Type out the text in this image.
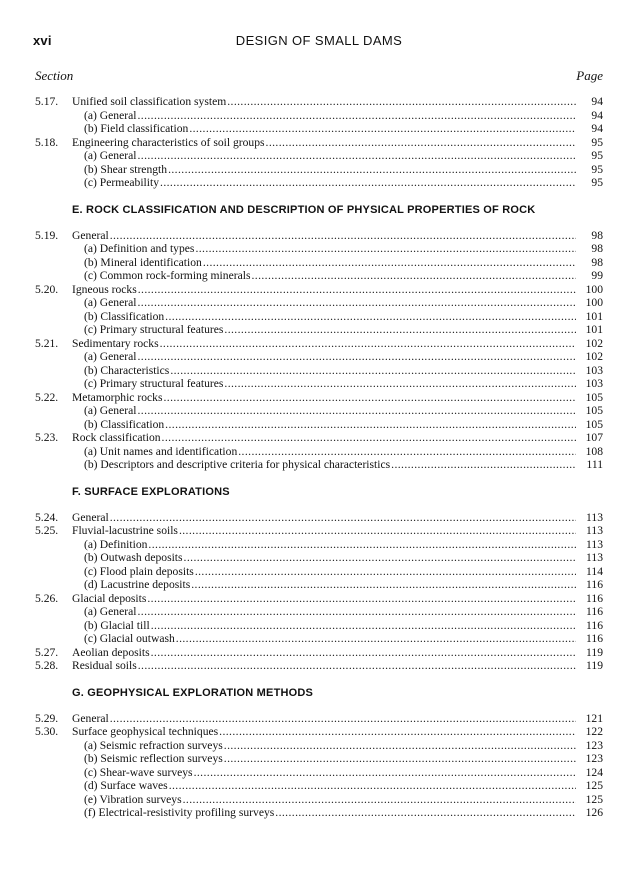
xvi	DESIGN OF SMALL DAMS
Section	Page
5.17. Unified soil classification system .....	94
(a) General .....	94
(b) Field classification .....	94
5.18. Engineering characteristics of soil groups .....	95
(a) General .....	95
(b) Shear strength .....	95
(c) Permeability .....	95
E. ROCK CLASSIFICATION AND DESCRIPTION OF PHYSICAL PROPERTIES OF ROCK
5.19. General .....	98
(a) Definition and types .....	98
(b) Mineral identification .....	98
(c) Common rock-forming minerals .....	99
5.20. Igneous rocks .....	100
(a) General .....	100
(b) Classification .....	101
(c) Primary structural features .....	101
5.21. Sedimentary rocks .....	102
(a) General .....	102
(b) Characteristics .....	103
(c) Primary structural features .....	103
5.22. Metamorphic rocks .....	105
(a) General .....	105
(b) Classification .....	105
5.23. Rock classification .....	107
(a) Unit names and identification .....	108
(b) Descriptors and descriptive criteria for physical characteristics .....	111
F. SURFACE EXPLORATIONS
5.24. General .....	113
5.25. Fluvial-lacustrine soils .....	113
(a) Definition .....	113
(b) Outwash deposits .....	113
(c) Flood plain deposits .....	114
(d) Lacustrine deposits .....	116
5.26. Glacial deposits .....	116
(a) General .....	116
(b) Glacial till .....	116
(c) Glacial outwash .....	116
5.27. Aeolian deposits .....	119
5.28. Residual soils .....	119
G. GEOPHYSICAL EXPLORATION METHODS
5.29. General .....	121
5.30. Surface geophysical techniques .....	122
(a) Seismic refraction surveys .....	123
(b) Seismic reflection surveys .....	123
(c) Shear-wave surveys .....	124
(d) Surface waves .....	125
(e) Vibration surveys .....	125
(f) Electrical-resistivity profiling surveys .....	126
